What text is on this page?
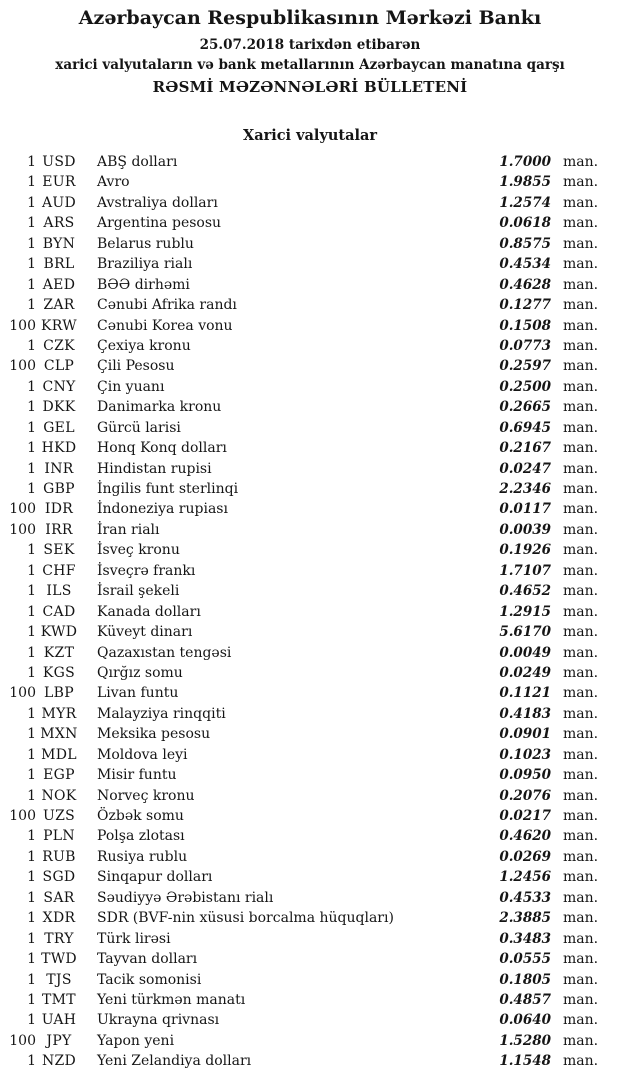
Azərbaycan Respublikasının Mərkəzi Bankı
25.07.2018 tarixdən etibarən
xarici valyutaların və bank metallarının Azərbaycan manatına qarşı
RƏSMİ MƏZƏNNƏLƏRİ BÜLLETENİ
Xarici valyutalar
1 USD	ABŞ dolları	1.7000 man.
1 EUR	Avro	1.9855 man.
1 AUD	Avstraliya dolları	1.2574 man.
1 ARS	Argentina pesosu	0.0618 man.
1 BYN	Belarus rublu	0.8575 man.
1 BRL	Braziliya rialı	0.4534 man.
1 AED	BƏƏ dirhəmi	0.4628 man.
1 ZAR	Cənubi Afrika randı	0.1277 man.
100 KRW	Cənubi Korea vonu	0.1508 man.
1 CZK	Çexiya kronu	0.0773 man.
100 CLP	Çili Pesosu	0.2597 man.
1 CNY	Çin yuanı	0.2500 man.
1 DKK	Danimarka kronu	0.2665 man.
1 GEL	Gürcü larisi	0.6945 man.
1 HKD	Honq Konq dolları	0.2167 man.
1 INR	Hindistan rupisi	0.0247 man.
1 GBP	İngilis funt sterlinqi	2.2346 man.
100 IDR	İndoneziya rupiası	0.0117 man.
100 IRR	İran rialı	0.0039 man.
1 SEK	İsveç kronu	0.1926 man.
1 CHF	İsveçrə frankı	1.7107 man.
1 ILS	İsrail şekeli	0.4652 man.
1 CAD	Kanada dolları	1.2915 man.
1 KWD	Küveyt dinarı	5.6170 man.
1 KZT	Qazaxıstan tengəsi	0.0049 man.
1 KGS	Qırğız somu	0.0249 man.
100 LBP	Livan funtu	0.1121 man.
1 MYR	Malayziya rinqqiti	0.4183 man.
1 MXN	Meksika pesosu	0.0901 man.
1 MDL	Moldova leyi	0.1023 man.
1 EGP	Misir funtu	0.0950 man.
1 NOK	Norveç kronu	0.2076 man.
100 UZS	Özbək somu	0.0217 man.
1 PLN	Polşa zlotası	0.4620 man.
1 RUB	Rusiya rublu	0.0269 man.
1 SGD	Sinqapur dolları	1.2456 man.
1 SAR	Səudiyyə Ərəbistanı rialı	0.4533 man.
1 XDR	SDR (BVF-nin xüsusi borcalma hüquqları)	2.3885 man.
1 TRY	Türk lirəsi	0.3483 man.
1 TWD	Tayvan dolları	0.0555 man.
1 TJS	Tacik somonisi	0.1805 man.
1 TMT	Yeni türkmən manatı	0.4857 man.
1 UAH	Ukrayna qrivnası	0.0640 man.
100 JPY	Yapon yeni	1.5280 man.
1 NZD	Yeni Zelandiya dolları	1.1548 man.
